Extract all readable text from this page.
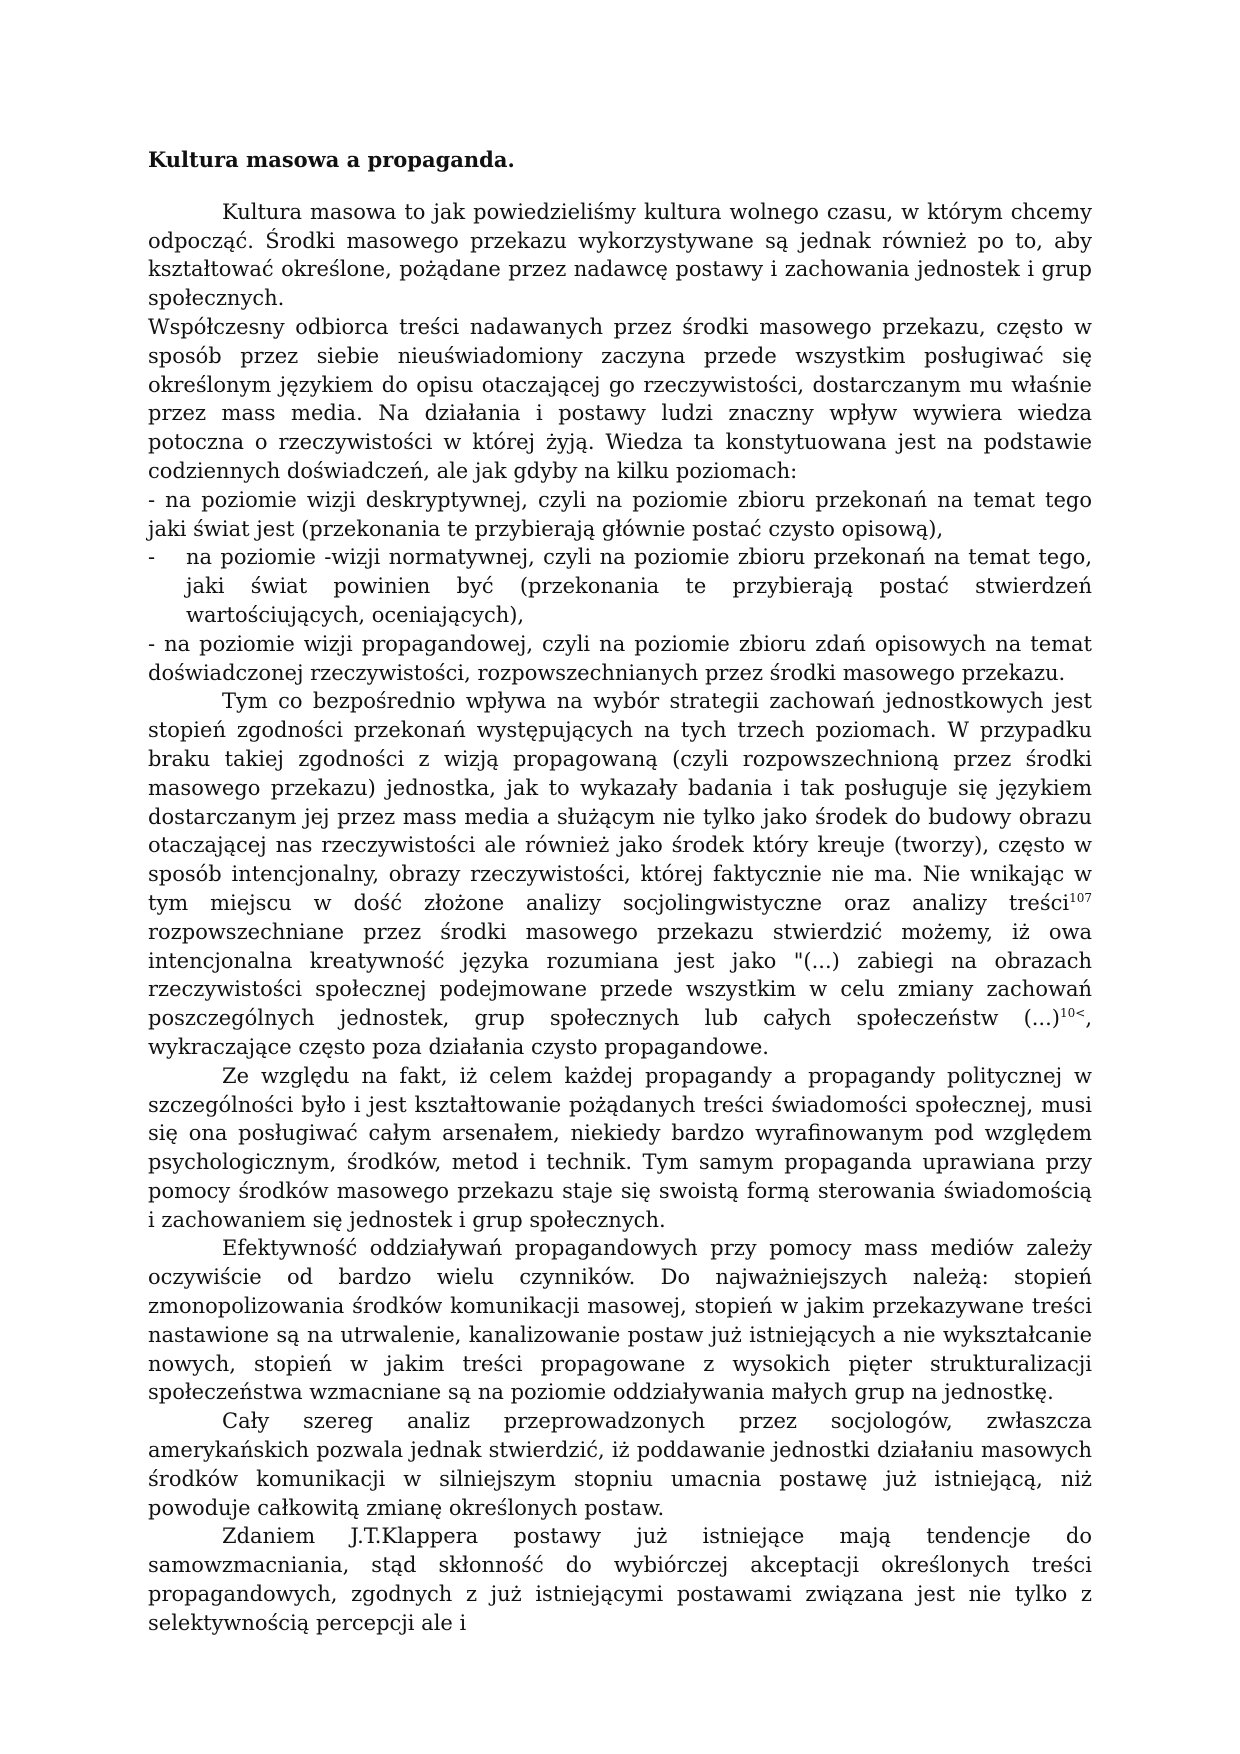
Kultura masowa a propaganda.

Kultura masowa to jak powiedzieliśmy kultura wolnego czasu, w którym chcemy odpocząć. Środki masowego przekazu wykorzystywane są jednak również po to, aby kształtować określone, pożądane przez nadawcę postawy i zachowania jednostek i grup społecznych.

Współczesny odbiorca treści nadawanych przez środki masowego przekazu, często w sposób przez siebie nieuświadomiony zaczyna przede wszystkim posługiwać się określonym językiem do opisu otaczającej go rzeczywistości, dostarczanym mu właśnie przez mass media. Na działania i postawy ludzi znaczny wpływ wywiera wiedza potoczna o rzeczywistości w której żyją. Wiedza ta konstytuowana jest na podstawie codziennych doświadczeń, ale jak gdyby na kilku poziomach:

- na poziomie wizji deskryptywnej, czyli na poziomie zbioru przekonań na temat tego jaki świat jest (przekonania te przybierają głównie postać czysto opisową),

-	na poziomie -wizji normatywnej, czyli na poziomie zbioru przekonań na temat tego, jaki świat powinien być (przekonania te przybierają postać stwierdzeń wartościujących, oceniających),

- na poziomie wizji propagandowej, czyli na poziomie zbioru zdań opisowych na temat doświadczonej rzeczywistości, rozpowszechnianych przez środki masowego przekazu.

Tym co bezpośrednio wpływa na wybór strategii zachowań jednostkowych jest stopień zgodności przekonań występujących na tych trzech poziomach. W przypadku braku takiej zgodności z wizją propagowaną (czyli rozpowszechnioną przez środki masowego przekazu) jednostka, jak to wykazały badania i tak posługuje się językiem dostarczanym jej przez mass media a służącym nie tylko jako środek do budowy obrazu otaczającej nas rzeczywistości ale również jako środek który kreuje (tworzy), często w sposób intencjonalny, obrazy rzeczywistości, której faktycznie nie ma. Nie wnikając w tym miejscu w dość złożone analizy socjolingwistyczne oraz analizy treści$^{107}$ rozpowszechniane przez środki masowego przekazu stwierdzić możemy, iż owa intencjonalna kreatywność języka rozumiana jest jako "(...) zabiegi na obrazach rzeczywistości społecznej podejmowane przede wszystkim w celu zmiany zachowań poszczególnych jednostek, grup społecznych lub całych społeczeństw (...)$^{10<}$, wykraczające często poza działania czysto propagandowe.

Ze względu na fakt, iż celem każdej propagandy a propagandy politycznej w szczególności było i jest kształtowanie pożądanych treści świadomości społecznej, musi się ona posługiwać całym arsenałem, niekiedy bardzo wyrafinowanym pod względem psychologicznym, środków, metod i technik. Tym samym propaganda uprawiana przy pomocy środków masowego przekazu staje się swoistą formą sterowania świadomością i zachowaniem się jednostek i grup społecznych.

Efektywność oddziaływań propagandowych przy pomocy mass mediów zależy oczywiście od bardzo wielu czynników. Do najważniejszych należą: stopień zmonopolizowania środków komunikacji masowej, stopień w jakim przekazywane treści nastawione są na utrwalenie, kanalizowanie postaw już istniejących a nie wykształcanie nowych, stopień w jakim treści propagowane z wysokich pięter strukturalizacji społeczeństwa wzmacniane są na poziomie oddziaływania małych grup na jednostkę.

Cały szereg analiz przeprowadzonych przez socjologów, zwłaszcza amerykańskich pozwala jednak stwierdzić, iż poddawanie jednostki działaniu masowych środków komunikacji w silniejszym stopniu umacnia postawę już istniejącą, niż powoduje całkowitą zmianę określonych postaw.

Zdaniem J.T.Klappera postawy już istniejące mają tendencje do samowzmacniania, stąd skłonność do wybiórczej akceptacji określonych treści propagandowych, zgodnych z już istniejącymi postawami związana jest nie tylko z selektywnością percepcji ale i
